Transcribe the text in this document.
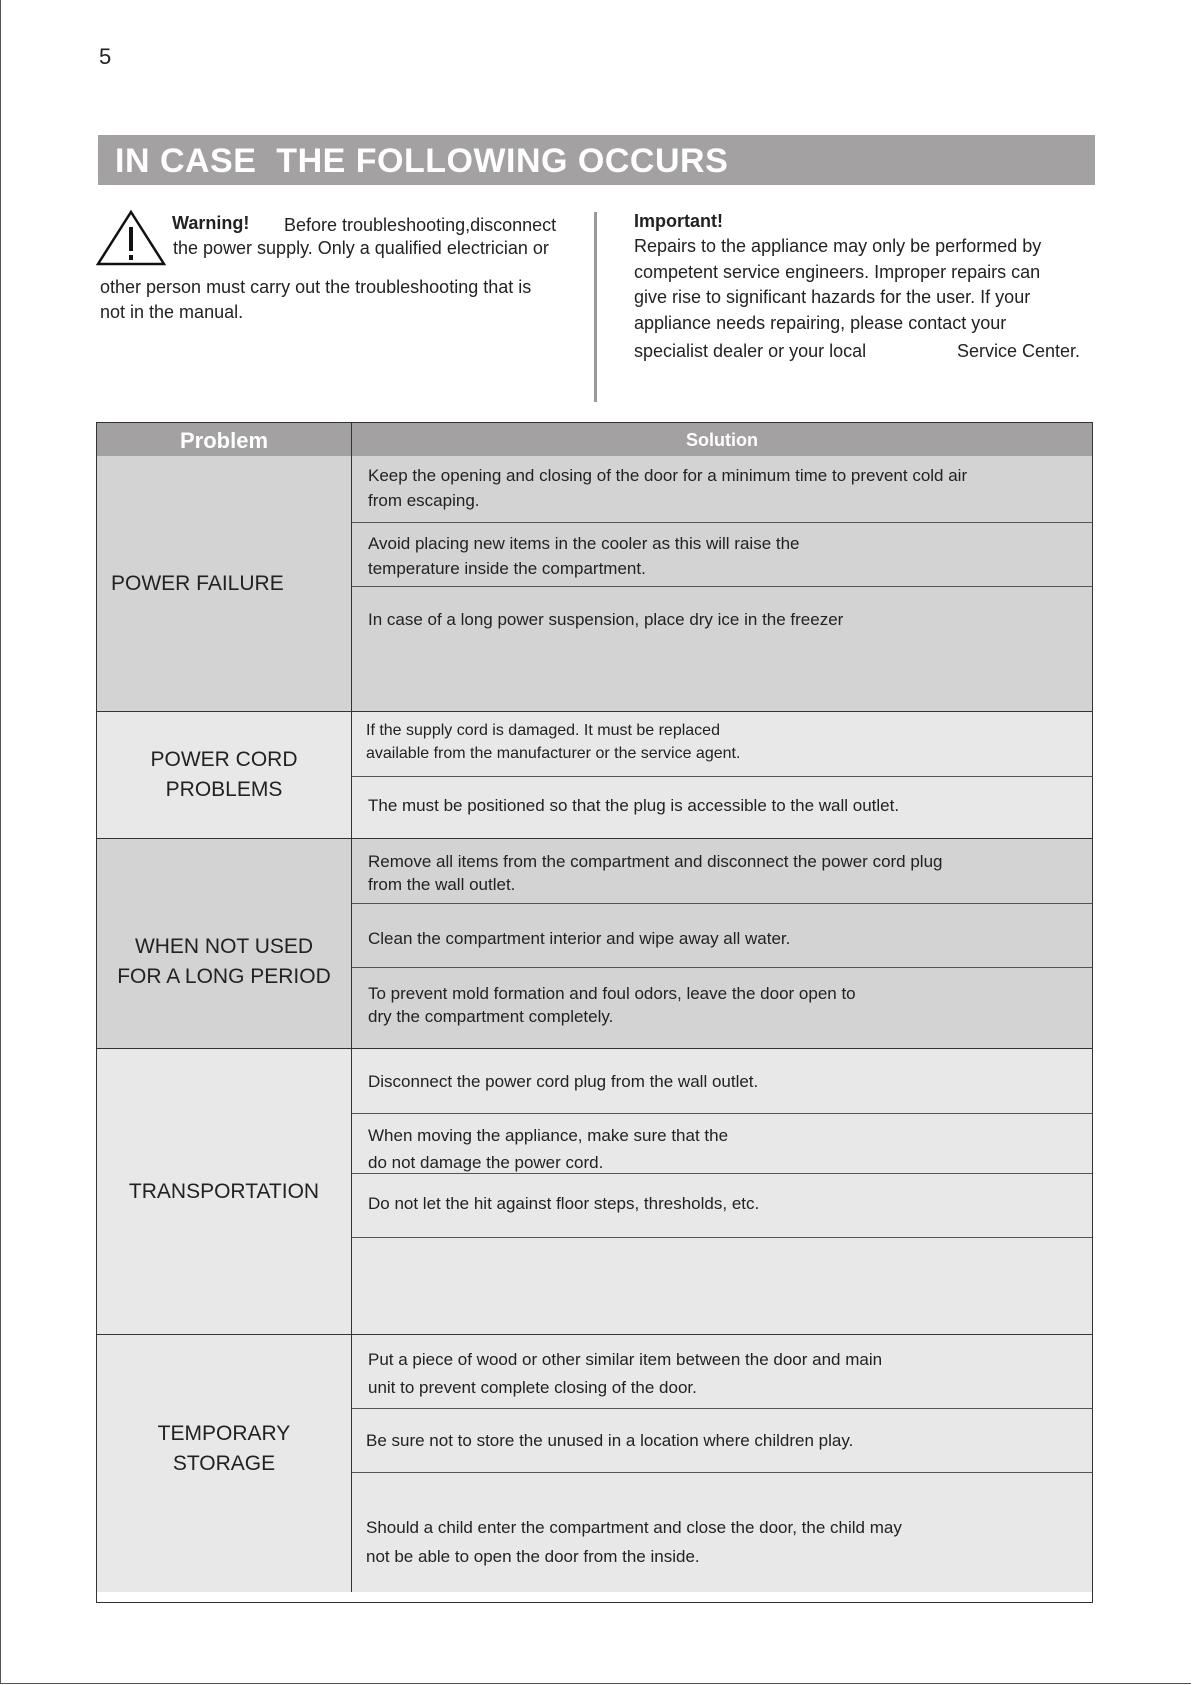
5
IN CASE  THE FOLLOWING OCCURS
Warning! Before troubleshooting,disconnect
the power supply. Only a qualified electrician or
other person must carry out the troubleshooting that is
not in the manual.
Important!
Repairs to the appliance may only be performed by
competent service engineers. Improper repairs can
give rise to significant hazards for the user. If your
appliance needs repairing, please contact your
specialist dealer or your local	Service Center.
Problem	Solution
POWER FAILURE
Keep the opening and closing of the door for a minimum time to prevent cold air
from escaping.
Avoid placing new items in the cooler as this will raise the
temperature inside the compartment.
In case of a long power suspension, place dry ice in the freezer
POWER CORD
PROBLEMS
If the supply cord is damaged. It must be replaced
available from the manufacturer or the service agent.
The must be positioned so that the plug is accessible to the wall outlet.
WHEN NOT USED
FOR A LONG PERIOD
Remove all items from the compartment and disconnect the power cord plug
from the wall outlet.
Clean the compartment interior and wipe away all water.
To prevent mold formation and foul odors, leave the door open to
dry the compartment completely.
TRANSPORTATION
Disconnect the power cord plug from the wall outlet.
When moving the appliance, make sure that the
do not damage the power cord.
Do not let the hit against floor steps, thresholds, etc.
TEMPORARY
STORAGE
Put a piece of wood or other similar item between the door and main
unit to prevent complete closing of the door.
Be sure not to store the unused in a location where children play.
Should a child enter the compartment and close the door, the child may
not be able to open the door from the inside.
